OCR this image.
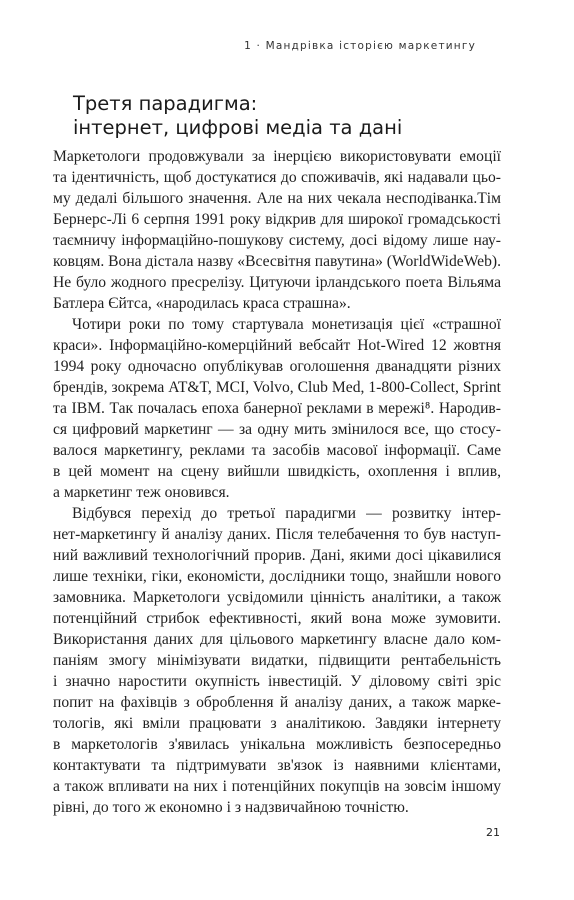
1 · Мандрівка історією маркетингу
Третя парадигма:
інтернет, цифрові медіа та дані

Маркетологи продовжували за інерцією використовувати емоції
та ідентичність, щоб достукатися до споживачів, які надавали цьо-
му дедалі більшого значення. Але на них чекала несподіванка.Тім
Бернерс-Лі 6 серпня 1991 року відкрив для широкої громадськості
таємничу інформаційно-пошукову систему, досі відому лише нау-
ковцям. Вона дістала назву «Всесвітня павутина» (WorldWideWeb).
Не було жодного пресрелізу. Цитуючи ірландського поета Вільяма
Батлера Єйтса, «народилась краса страшна».

Чотири роки по тому стартувала монетизація цієї «страшної
краси». Інформаційно-комерційний вебсайт Hot-Wired 12 жовтня
1994 року одночасно опублікував оголошення дванадцяти різних
брендів, зокрема AT&T, MCI, Volvo, Club Med, 1-800-Collect, Sprint
та IBM. Так почалась епоха банерної реклами в мережі⁸. Народив-
ся цифровий маркетинг — за одну мить змінилося все, що стосу-
валося маркетингу, реклами та засобів масової інформації. Саме
в цей момент на сцену вийшли швидкість, охоплення і вплив,
а маркетинг теж оновився.

Відбувся перехід до третьої парадигми — розвитку інтер-
нет-маркетингу й аналізу даних. Після телебачення то був наступ-
ний важливий технологічний прорив. Дані, якими досі цікавилися
лише техніки, гіки, економісти, дослідники тощо, знайшли нового
замовника. Маркетологи усвідомили цінність аналітики, а також
потенційний стрибок ефективності, який вона може зумовити.
Використання даних для цільового маркетингу власне дало ком-
паніям змогу мінімізувати видатки, підвищити рентабельність
і значно наростити окупність інвестицій. У діловому світі зріс
попит на фахівців з оброблення й аналізу даних, а також марке-
тологів, які вміли працювати з аналітикою. Завдяки інтернету
в маркетологів з'явилась унікальна можливість безпосередньо
контактувати та підтримувати зв'язок із наявними клієнтами,
а також впливати на них і потенційних покупців на зовсім іншому
рівні, до того ж економно і з надзвичайною точністю.

21
